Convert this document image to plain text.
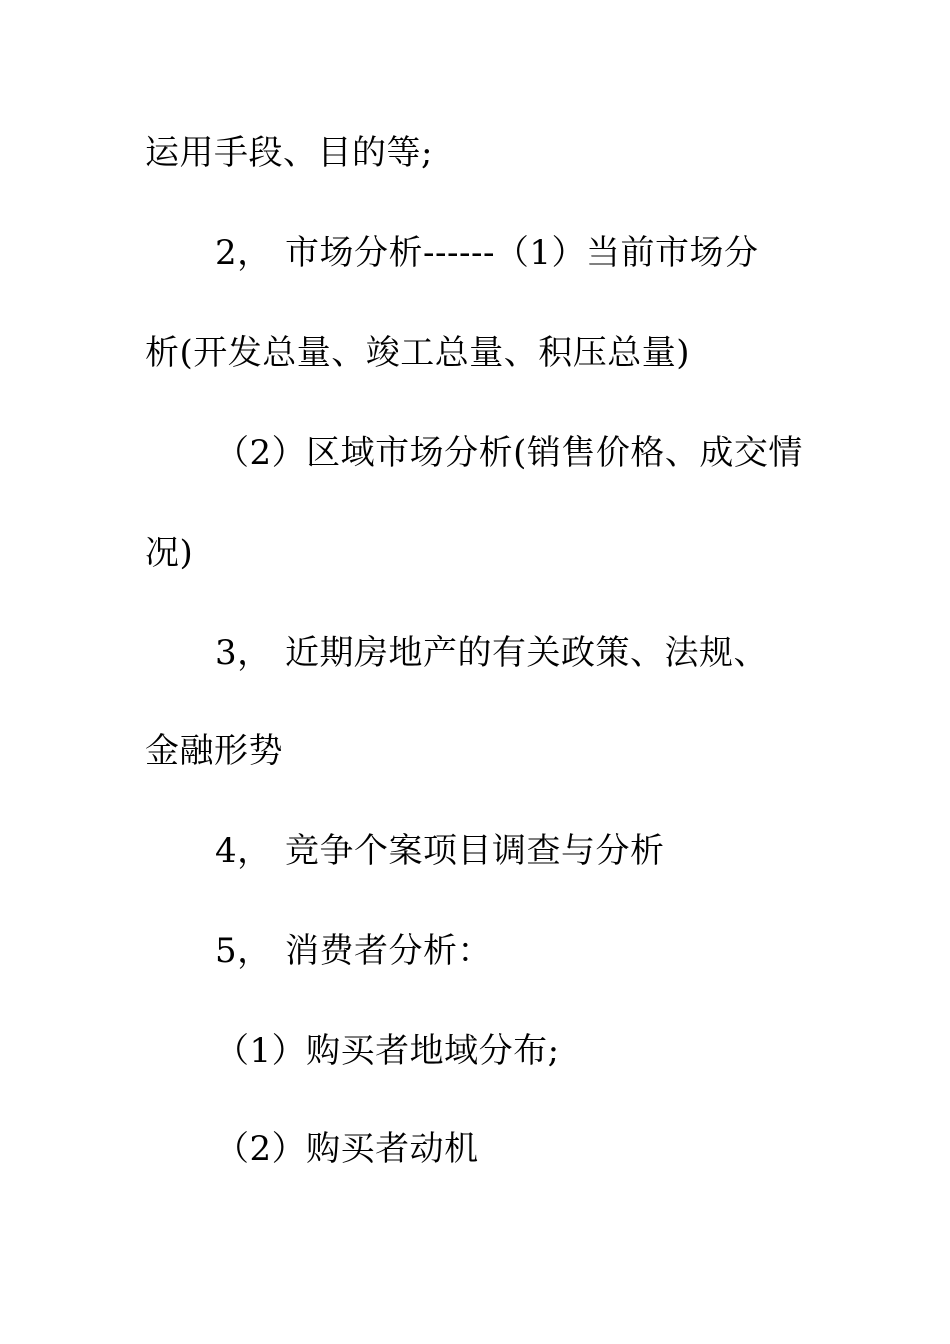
运用手段、目的等;
2， 市场分析------（1）当前市场分
析(开发总量、竣工总量、积压总量)
（2）区域市场分析(销售价格、成交情
况)
3， 近期房地产的有关政策、法规、
金融形势
4， 竞争个案项目调查与分析
5， 消费者分析：
（1）购买者地域分布;
（2）购买者动机
